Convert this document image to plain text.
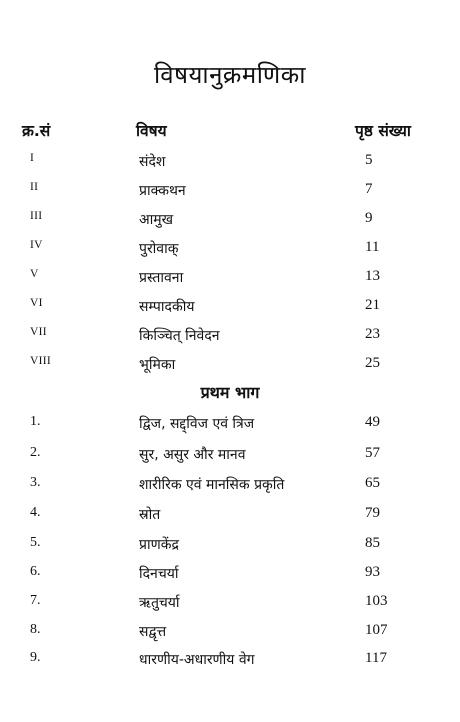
विषयानुक्रमणिका
क्र.सं	विषय	पृष्ठ संख्या
I	संदेश	5
II	प्राक्कथन	7
III	आमुख	9
IV	पुरोवाक्	11
V	प्रस्तावना	13
VI	सम्पादकीय	21
VII	किञ्चित् निवेदन	23
VIII	भूमिका	25
प्रथम भाग
1.	द्विज, सद्द्विज एवं त्रिज	49
2.	सुर, असुर और मानव	57
3.	शारीरिक एवं मानसिक प्रकृति	65
4.	स्रोत	79
5.	प्राणकेंद्र	85
6.	दिनचर्या	93
7.	ऋतुचर्या	103
8.	सद्वृत्त	107
9.	धारणीय-अधारणीय वेग	117
